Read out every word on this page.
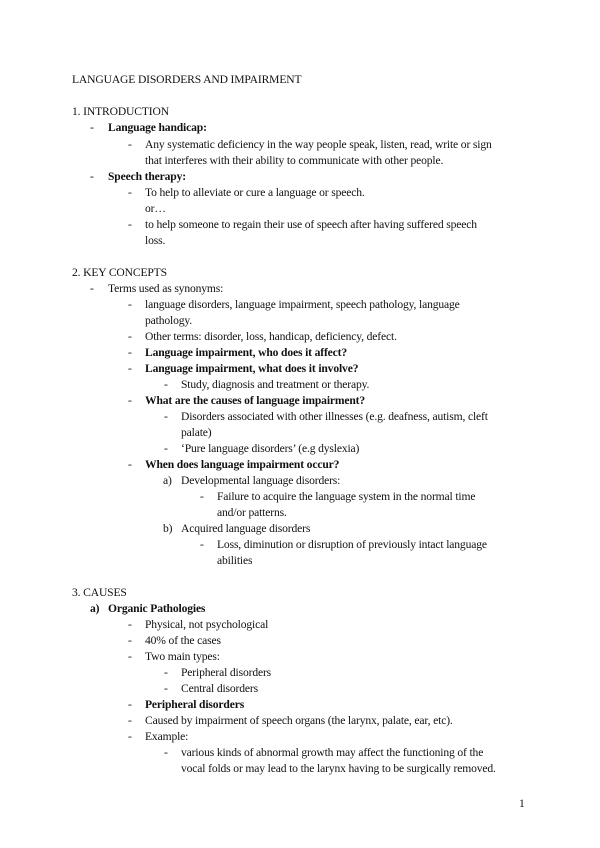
LANGUAGE DISORDERS AND IMPAIRMENT
1. INTRODUCTION
- Language handicap:
- Any systematic deficiency in the way people speak, listen, read, write or sign
that interferes with their ability to communicate with other people.
- Speech therapy:
- To help to alleviate or cure a language or speech.
or…
- to help someone to regain their use of speech after having suffered speech
loss.
2. KEY CONCEPTS
- Terms used as synonyms:
- language disorders, language impairment, speech pathology, language
pathology.
- Other terms: disorder, loss, handicap, deficiency, defect.
- Language impairment, who does it affect?
- Language impairment, what does it involve?
- Study, diagnosis and treatment or therapy.
- What are the causes of language impairment?
- Disorders associated with other illnesses (e.g. deafness, autism, cleft
palate)
- ‘Pure language disorders’ (e.g dyslexia)
- When does language impairment occur?
a) Developmental language disorders:
- Failure to acquire the language system in the normal time
and/or patterns.
b) Acquired language disorders
- Loss, diminution or disruption of previously intact language
abilities
3. CAUSES
a) Organic Pathologies
- Physical, not psychological
- 40% of the cases
- Two main types:
- Peripheral disorders
- Central disorders
- Peripheral disorders
- Caused by impairment of speech organs (the larynx, palate, ear, etc).
- Example:
- various kinds of abnormal growth may affect the functioning of the
vocal folds or may lead to the larynx having to be surgically removed.
1
